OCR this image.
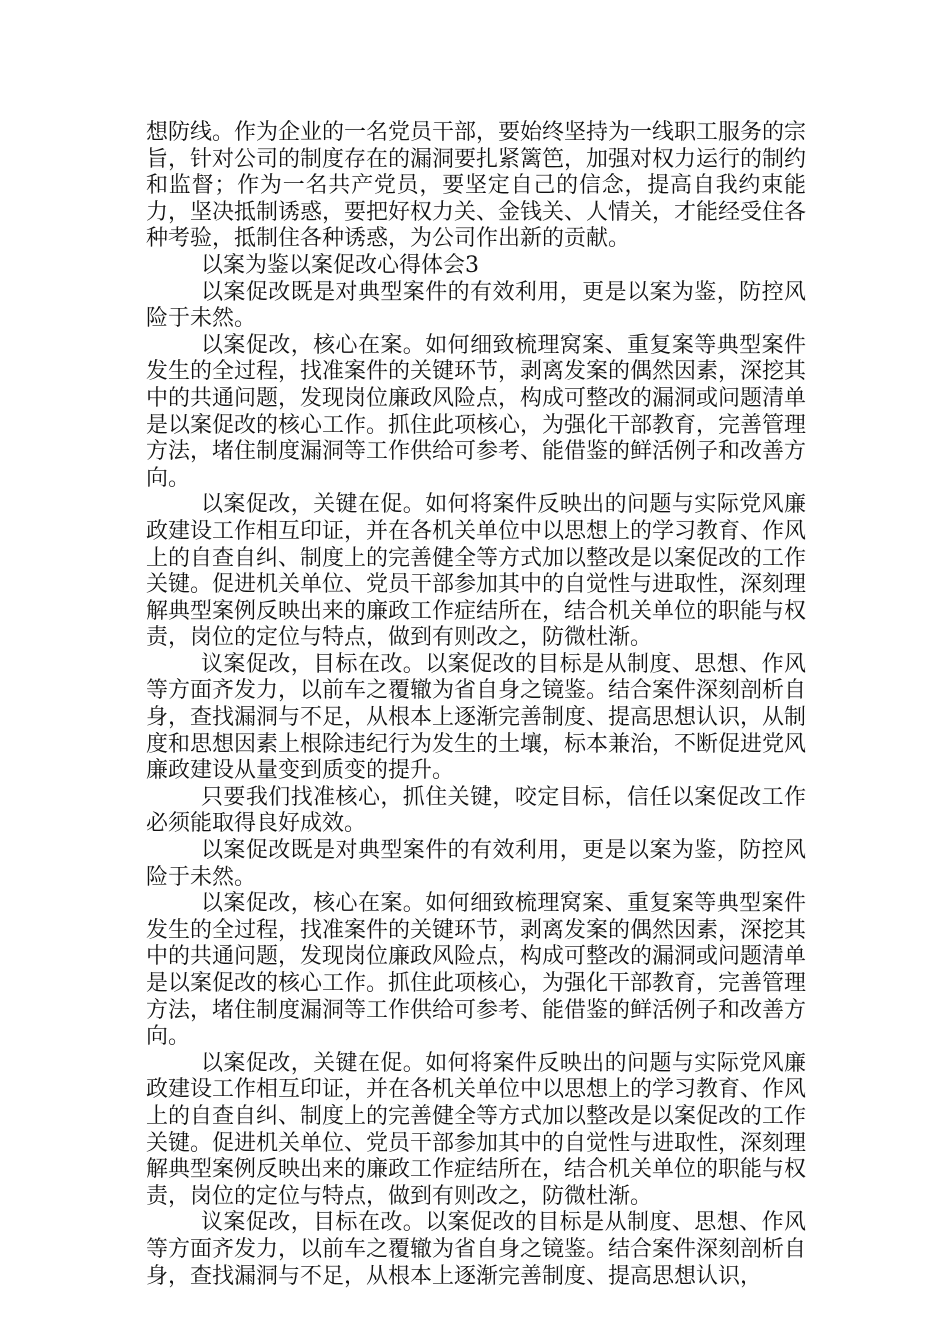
想防线。作为企业的一名党员干部，要始终坚持为一线职工服务的宗旨，针对公司的制度存在的漏洞要扎紧篱笆，加强对权力运行的制约和监督；作为一名共产党员，要坚定自己的信念，提高自我约束能力，坚决抵制诱惑，要把好权力关、金钱关、人情关，才能经受住各种考验，抵制住各种诱惑，为公司作出新的贡献。

以案为鉴以案促改心得体会3

以案促改既是对典型案件的有效利用，更是以案为鉴，防控风险于未然。

以案促改，核心在案。如何细致梳理窝案、重复案等典型案件发生的全过程，找准案件的关键环节，剥离发案的偶然因素，深挖其中的共通问题，发现岗位廉政风险点，构成可整改的漏洞或问题清单是以案促改的核心工作。抓住此项核心，为强化干部教育，完善管理方法，堵住制度漏洞等工作供给可参考、能借鉴的鲜活例子和改善方向。

以案促改，关键在促。如何将案件反映出的问题与实际党风廉政建设工作相互印证，并在各机关单位中以思想上的学习教育、作风上的自查自纠、制度上的完善健全等方式加以整改是以案促改的工作关键。促进机关单位、党员干部参加其中的自觉性与进取性，深刻理解典型案例反映出来的廉政工作症结所在，结合机关单位的职能与权责，岗位的定位与特点，做到有则改之，防微杜渐。

议案促改，目标在改。以案促改的目标是从制度、思想、作风等方面齐发力，以前车之覆辙为省自身之镜鉴。结合案件深刻剖析自身，查找漏洞与不足，从根本上逐渐完善制度、提高思想认识，从制度和思想因素上根除违纪行为发生的土壤，标本兼治，不断促进党风廉政建设从量变到质变的提升。

只要我们找准核心，抓住关键，咬定目标，信任以案促改工作必须能取得良好成效。

以案促改既是对典型案件的有效利用，更是以案为鉴，防控风险于未然。

以案促改，核心在案。如何细致梳理窝案、重复案等典型案件发生的全过程，找准案件的关键环节，剥离发案的偶然因素，深挖其中的共通问题，发现岗位廉政风险点，构成可整改的漏洞或问题清单是以案促改的核心工作。抓住此项核心，为强化干部教育，完善管理方法，堵住制度漏洞等工作供给可参考、能借鉴的鲜活例子和改善方向。

以案促改，关键在促。如何将案件反映出的问题与实际党风廉政建设工作相互印证，并在各机关单位中以思想上的学习教育、作风上的自查自纠、制度上的完善健全等方式加以整改是以案促改的工作关键。促进机关单位、党员干部参加其中的自觉性与进取性，深刻理解典型案例反映出来的廉政工作症结所在，结合机关单位的职能与权责，岗位的定位与特点，做到有则改之，防微杜渐。

议案促改，目标在改。以案促改的目标是从制度、思想、作风等方面齐发力，以前车之覆辙为省自身之镜鉴。结合案件深刻剖析自身，查找漏洞与不足，从根本上逐渐完善制度、提高思想认识，
